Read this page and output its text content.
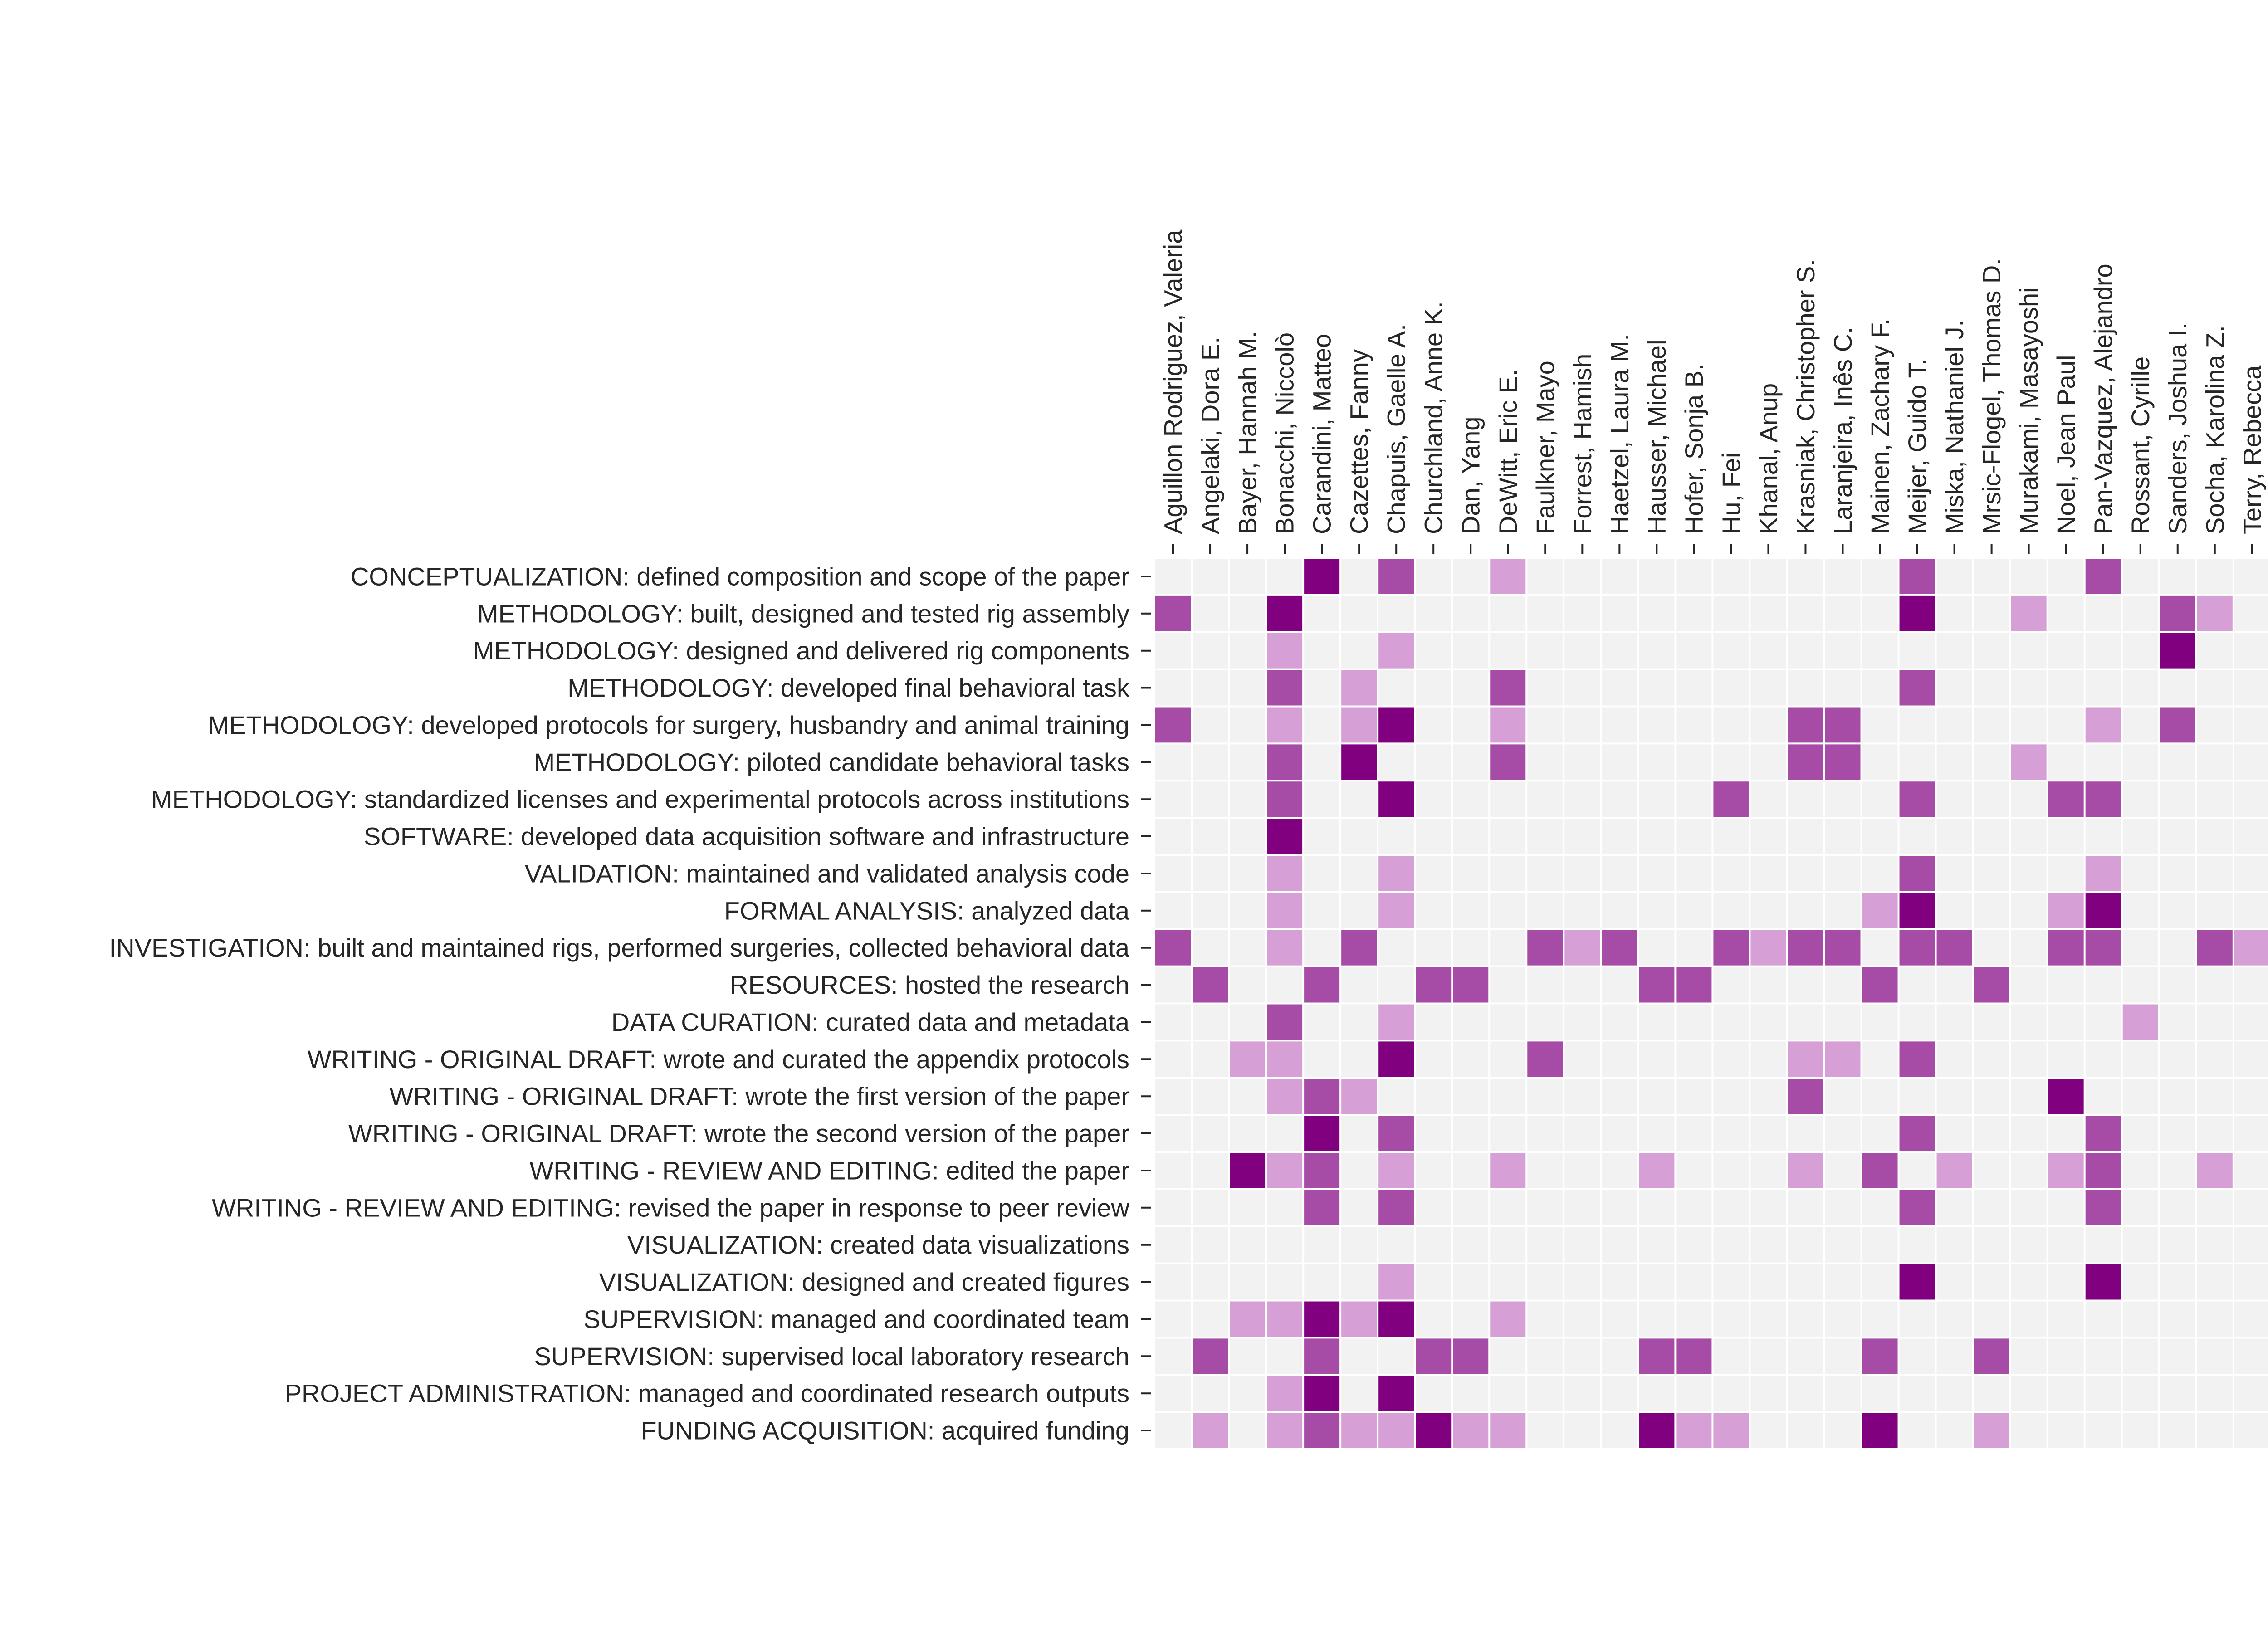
CONCEPTUALIZATION: defined composition and scope of the paper
METHODOLOGY: built, designed and tested rig assembly
METHODOLOGY: designed and delivered rig components
METHODOLOGY: developed final behavioral task
METHODOLOGY: developed protocols for surgery, husbandry and animal training
METHODOLOGY: piloted candidate behavioral tasks
METHODOLOGY: standardized licenses and experimental protocols across institutions
SOFTWARE: developed data acquisition software and infrastructure
VALIDATION: maintained and validated analysis code
FORMAL ANALYSIS: analyzed data
INVESTIGATION: built and maintained rigs, performed surgeries, collected behavioral data
RESOURCES: hosted the research
DATA CURATION: curated data and metadata
WRITING - ORIGINAL DRAFT: wrote and curated the appendix protocols
WRITING - ORIGINAL DRAFT: wrote the first version of the paper
WRITING - ORIGINAL DRAFT: wrote the second version of the paper
WRITING - REVIEW AND EDITING: edited the paper
WRITING - REVIEW AND EDITING: revised the paper in response to peer review
VISUALIZATION: created data visualizations
VISUALIZATION: designed and created figures
SUPERVISION: managed and coordinated team
SUPERVISION: supervised local laboratory research
PROJECT ADMINISTRATION: managed and coordinated research outputs
FUNDING ACQUISITION: acquired funding
Aguillon Rodriguez, Valeria Angelaki, Dora E. Bayer, Hannah M. Bonacchi, Niccolò Carandini, Matteo Cazettes, Fanny Chapuis, Gaelle A. Churchland, Anne K. Dan, Yang DeWitt, Eric E. Faulkner, Mayo Forrest, Hamish Haetzel, Laura M. Hausser, Michael Hofer, Sonja B. Hu, Fei Khanal, Anup Krasniak, Christopher S. Laranjeira, Inês C. Mainen, Zachary F. Meijer, Guido T. Miska, Nathaniel J. Mrsic-Flogel, Thomas D. Murakami, Masayoshi Noel, Jean Paul Pan-Vazquez, Alejandro Rossant, Cyrille Sanders, Joshua I. Socha, Karolina Z. Terry, Rebecca
